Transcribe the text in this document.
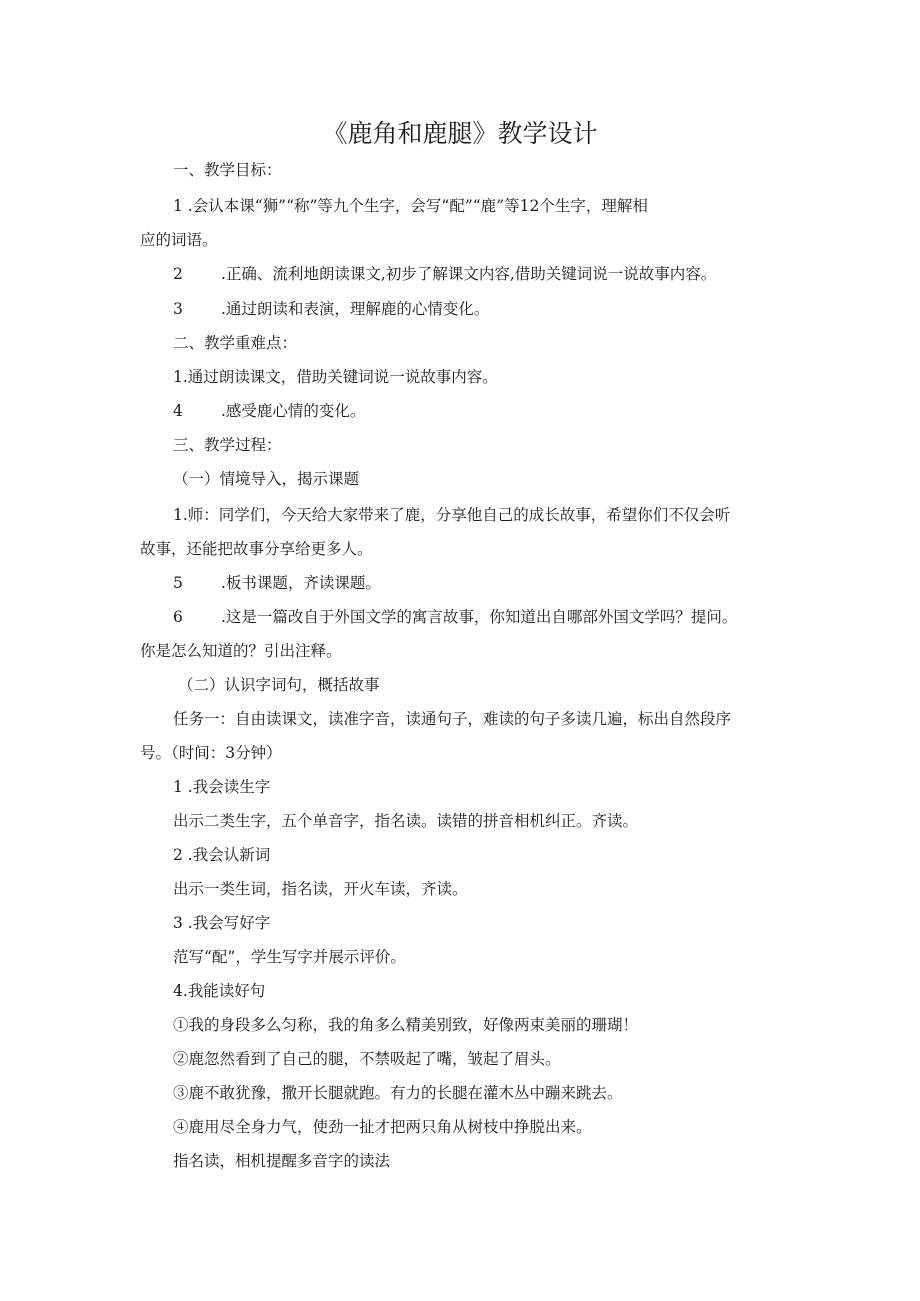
《鹿角和鹿腿》教学设计
一、教学目标：
1 .会认本课“狮”“称”等九个生字，会写“配”“鹿”等12个生字，理解相
应的词语。
2 .正确、流利地朗读课文,初步了解课文内容,借助关键词说一说故事内容。
3 .通过朗读和表演，理解鹿的心情变化。
二、教学重难点：
1.通过朗读课文，借助关键词说一说故事内容。
4 .感受鹿心情的变化。
三、教学过程：
（一）情境导入，揭示课题
1.师：同学们，今天给大家带来了鹿，分享他自己的成长故事，希望你们不仅会听
故事，还能把故事分享给更多人。
5 .板书课题，齐读课题。
6 .这是一篇改自于外国文学的寓言故事，你知道出自哪部外国文学吗？提问。
你是怎么知道的？引出注释。
（二）认识字词句，概括故事
任务一：自由读课文，读准字音，读通句子，难读的句子多读几遍，标出自然段序
号。（时间：3分钟）
1 .我会读生字
出示二类生字，五个单音字，指名读。读错的拼音相机纠正。齐读。
2 .我会认新词
出示一类生词，指名读，开火车读，齐读。
3 .我会写好字
范写“配”，学生写字并展示评价。
4.我能读好句
①我的身段多么匀称，我的角多么精美别致，好像两束美丽的珊瑚！
②鹿忽然看到了自己的腿，不禁吸起了嘴，皱起了眉头。
③鹿不敢犹豫，撒开长腿就跑。有力的长腿在灌木丛中蹦来跳去。
④鹿用尽全身力气，使劲一扯才把两只角从树枝中挣脱出来。
指名读，相机提醒多音字的读法
